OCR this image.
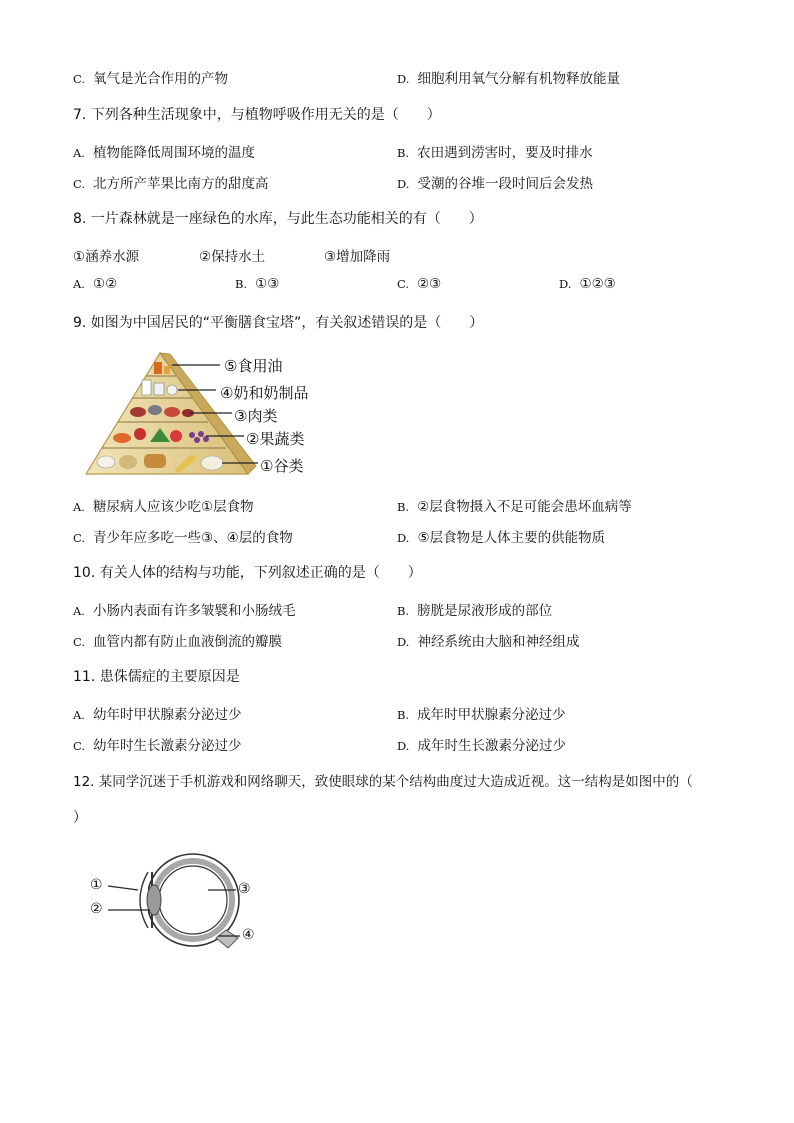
C. 氧气是光合作用的产物	D. 细胞利用氧气分解有机物释放能量
7. 下列各种生活现象中，与植物呼吸作用无关的是（　　）
A. 植物能降低周围环境的温度	B. 农田遇到涝害时，要及时排水
C. 北方所产苹果比南方的甜度高	D. 受潮的谷堆一段时间后会发热
8. 一片森林就是一座绿色的水库，与此生态功能相关的有（　　）
①涵养水源	②保持水土	③增加降雨
A. ①②	B. ①③	C. ②③	D. ①②③
9. 如图为中国居民的“平衡膳食宝塔”，有关叙述错误的是（　　）
⑤食用油
④奶和奶制品
③肉类
②果蔬类
①谷类
A. 糖尿病人应该少吃①层食物	B. ②层食物摄入不足可能会患坏血病等
C. 青少年应多吃一些③、④层的食物	D. ⑤层食物是人体主要的供能物质
10. 有关人体的结构与功能，下列叙述正确的是（　　）
A. 小肠内表面有许多皱襞和小肠绒毛	B. 膀胱是尿液形成的部位
C. 血管内都有防止血液倒流的瓣膜	D. 神经系统由大脑和神经组成
11. 患侏儒症的主要原因是
A. 幼年时甲状腺素分泌过少	B. 成年时甲状腺素分泌过少
C. 幼年时生长激素分泌过少	D. 成年时生长激素分泌过少
12. 某同学沉迷于手机游戏和网络聊天，致使眼球的某个结构曲度过大造成近视。这一结构是如图中的（
）
①
②
③
④
